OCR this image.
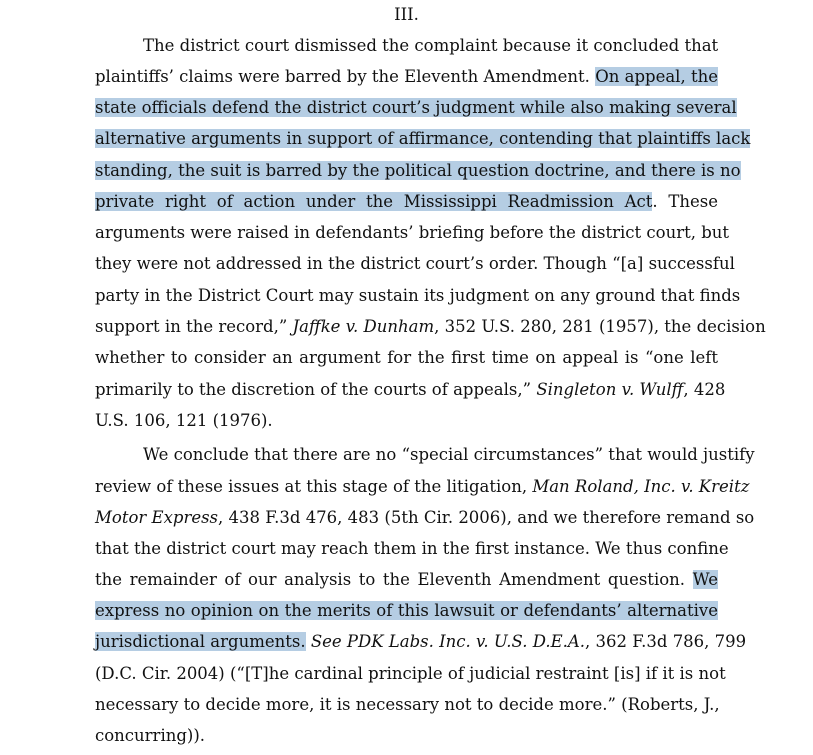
III.
The district court dismissed the complaint because it concluded that
plaintiffs’ claims were barred by the Eleventh Amendment. On appeal, the
state officials defend the district court’s judgment while also making several
alternative arguments in support of affirmance, contending that plaintiffs lack
standing, the suit is barred by the political question doctrine, and there is no
private right of action under the Mississippi Readmission Act. These
arguments were raised in defendants’ briefing before the district court, but
they were not addressed in the district court’s order. Though “[a] successful
party in the District Court may sustain its judgment on any ground that finds
support in the record,” Jaffke v. Dunham, 352 U.S. 280, 281 (1957), the decision
whether to consider an argument for the first time on appeal is “one left
primarily to the discretion of the courts of appeals,” Singleton v. Wulff, 428
U.S. 106, 121 (1976).
We conclude that there are no “special circumstances” that would justify
review of these issues at this stage of the litigation, Man Roland, Inc. v. Kreitz
Motor Express, 438 F.3d 476, 483 (5th Cir. 2006), and we therefore remand so
that the district court may reach them in the first instance. We thus confine
the remainder of our analysis to the Eleventh Amendment question. We
express no opinion on the merits of this lawsuit or defendants’ alternative
jurisdictional arguments. See PDK Labs. Inc. v. U.S. D.E.A., 362 F.3d 786, 799
(D.C. Cir. 2004) (“[T]he cardinal principle of judicial restraint [is] if it is not
necessary to decide more, it is necessary not to decide more.” (Roberts, J.,
concurring)).
